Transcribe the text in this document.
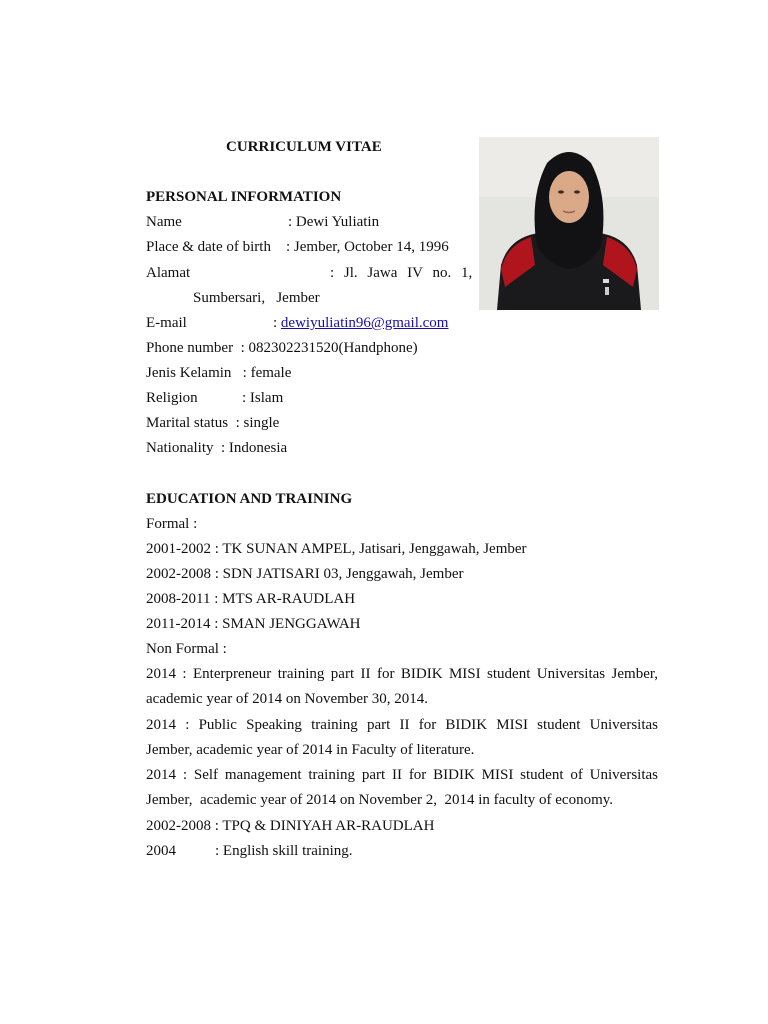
CURRICULUM VITAE
PERSONAL INFORMATION
Name	: Dewi Yuliatin
Place & date of birth : Jember, October 14, 1996
Alamat	: Jl. Jawa IV no. 1,
Sumbersari,   Jember
E-mail	: dewiyuliatin96@gmail.com
Phone number  : 082302231520(Handphone)
Jenis Kelamin   : female
Religion	: Islam
Marital status  : single
Nationality  : Indonesia
EDUCATION AND TRAINING
Formal :
2001-2002 : TK SUNAN AMPEL, Jatisari, Jenggawah, Jember
2002-2008 : SDN JATISARI 03, Jenggawah, Jember
2008-2011 : MTS AR-RAUDLAH
2011-2014 : SMAN JENGGAWAH
Non Formal :
2014 : Enterpreneur training part II for BIDIK MISI student Universitas Jember,
academic year of 2014 on November 30, 2014.
2014 : Public Speaking training part II for BIDIK MISI student Universitas
Jember, academic year of 2014 in Faculty of literature.
2014 : Self management training part II for BIDIK MISI student of Universitas
Jember,  academic year of 2014 on November 2,  2014 in faculty of economy.
2002-2008 : TPQ & DINIYAH AR-RAUDLAH
2004	: English skill training.
